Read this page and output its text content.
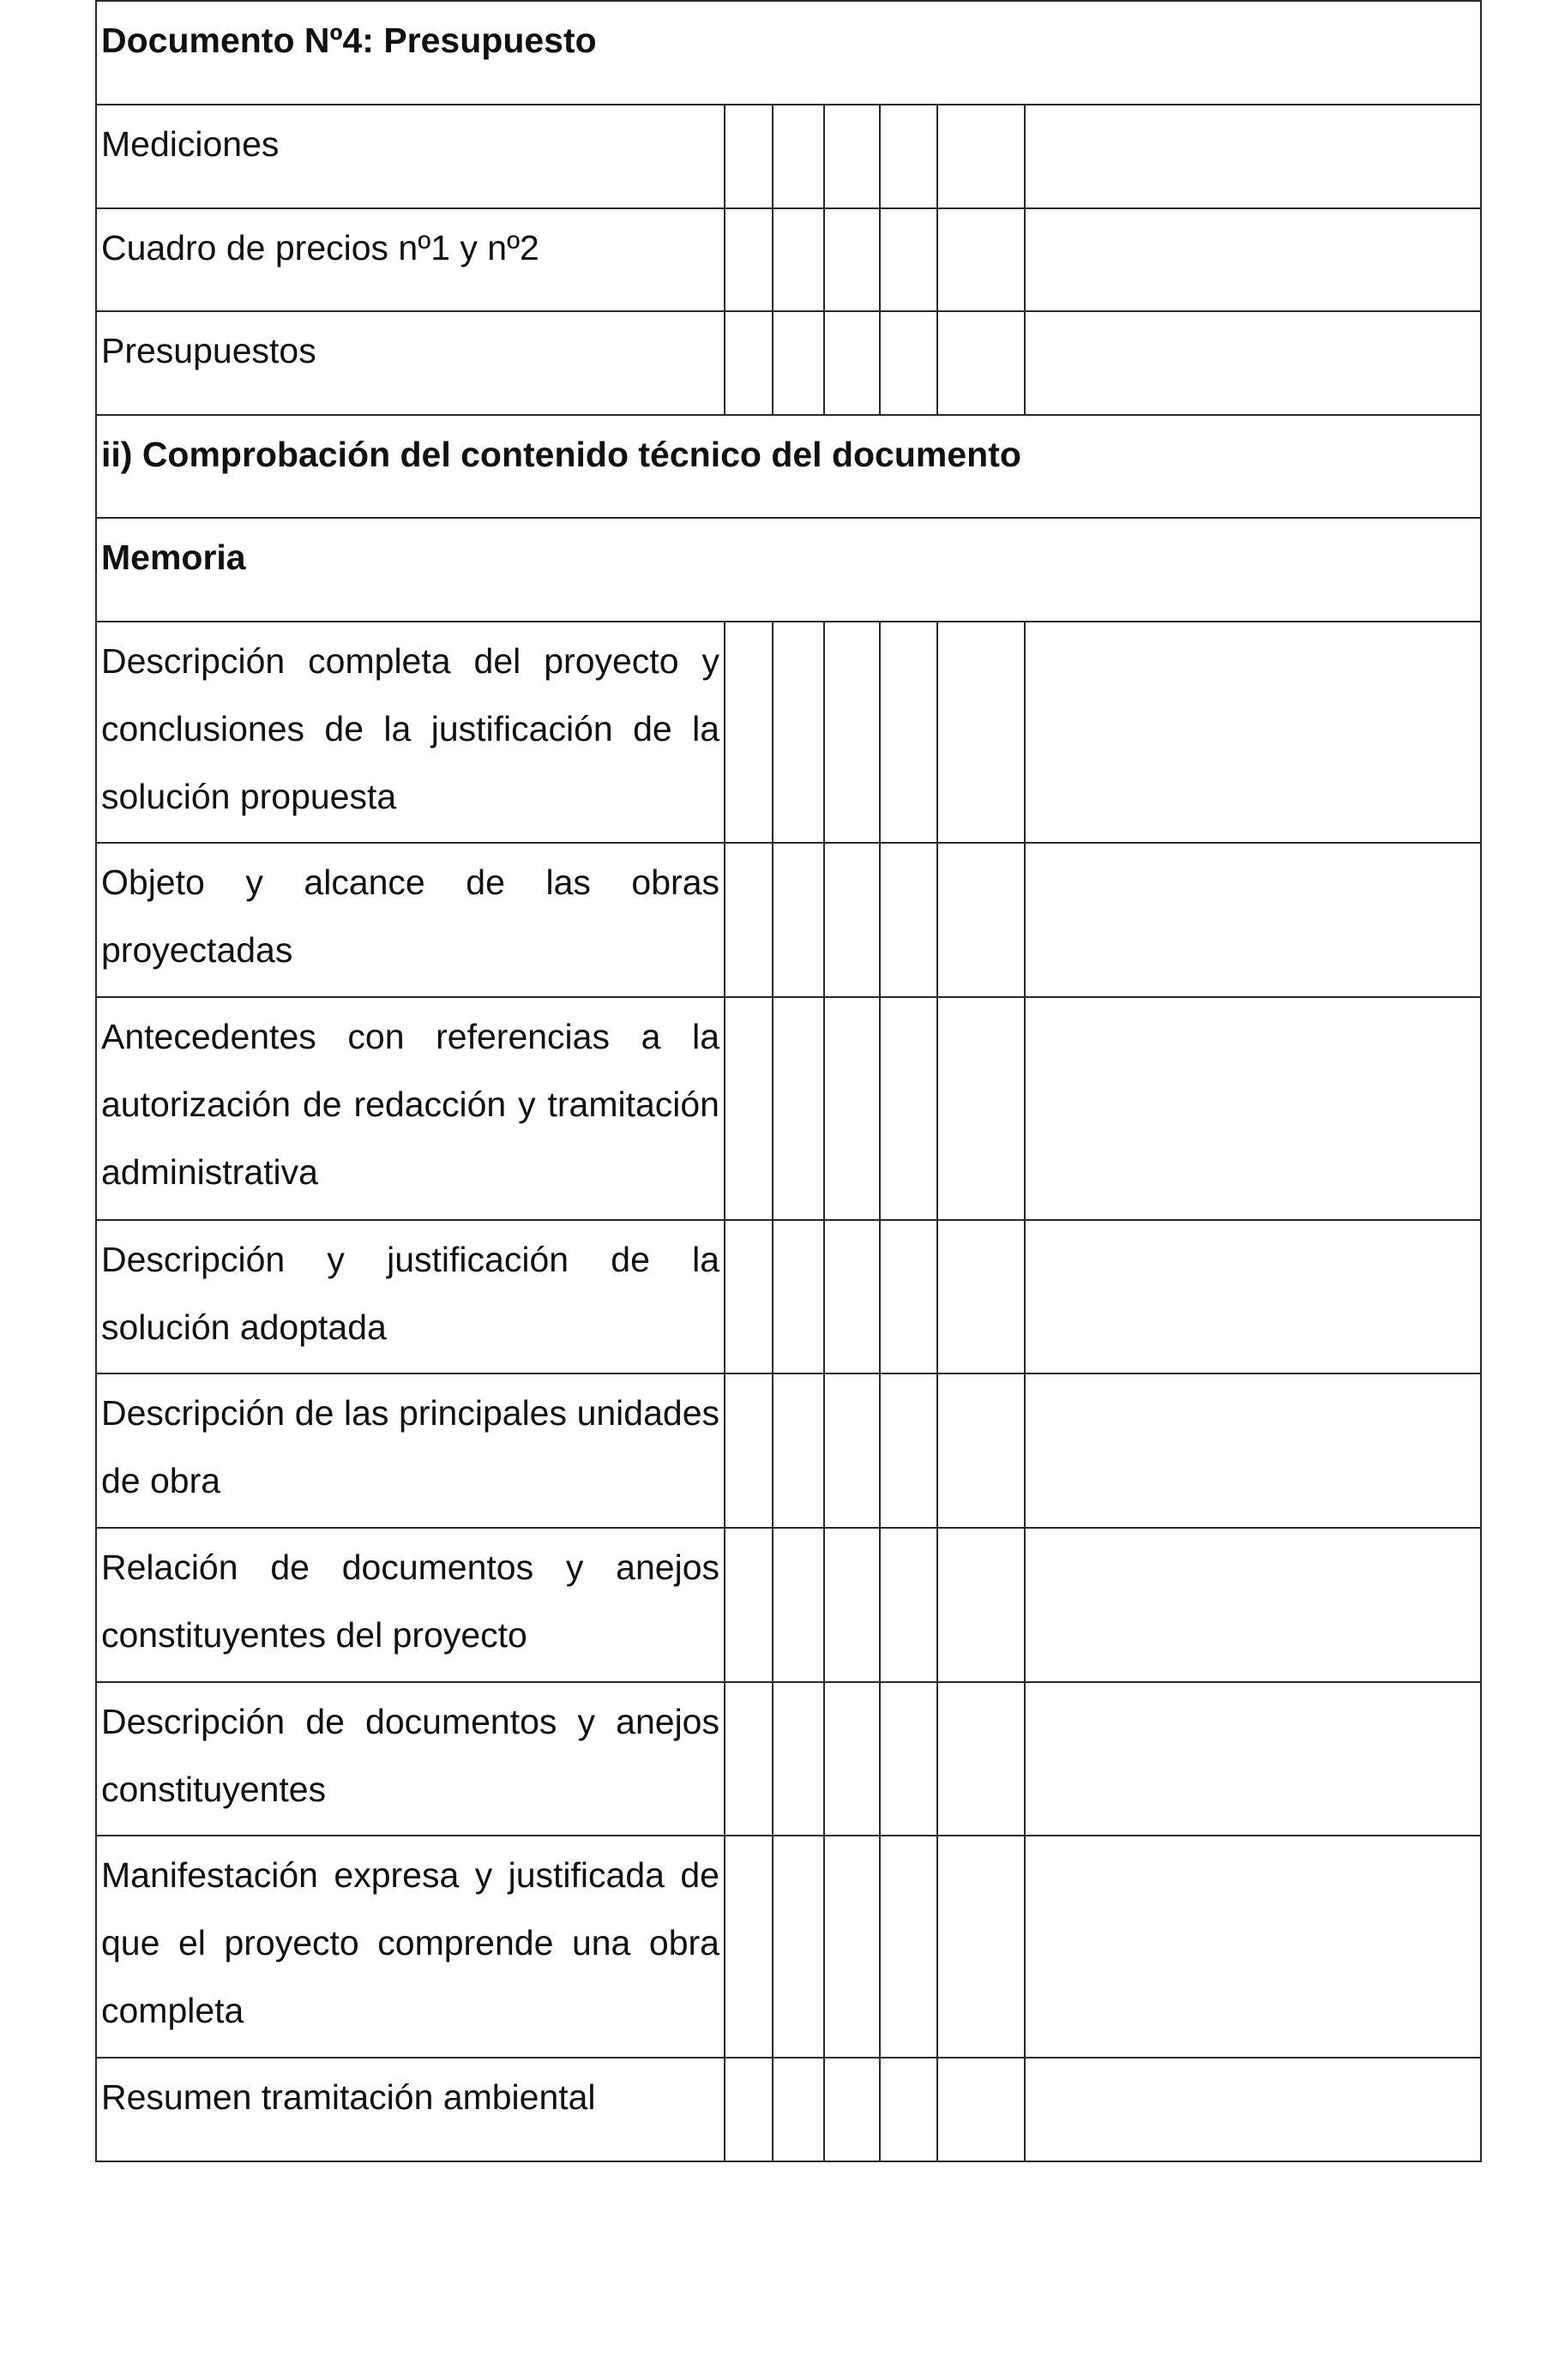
Documento Nº4: Presupuesto						
Mediciones						
Cuadro de precios nº1 y nº2						
Presupuestos						
ii) Comprobación del contenido técnico del documento						
Memoria						
Descripción completa del proyecto y conclusiones de la justificación de la solución propuesta						
Objeto y alcance de las obras proyectadas						
Antecedentes con referencias a la autorización de redacción y tramitación administrativa						
Descripción y justificación de la solución adoptada						
Descripción de las principales unidades de obra						
Relación de documentos y anejos constituyentes del proyecto						
Descripción de documentos y anejos constituyentes						
Manifestación expresa y justificada de que el proyecto comprende una obra completa						
Resumen tramitación ambiental						
